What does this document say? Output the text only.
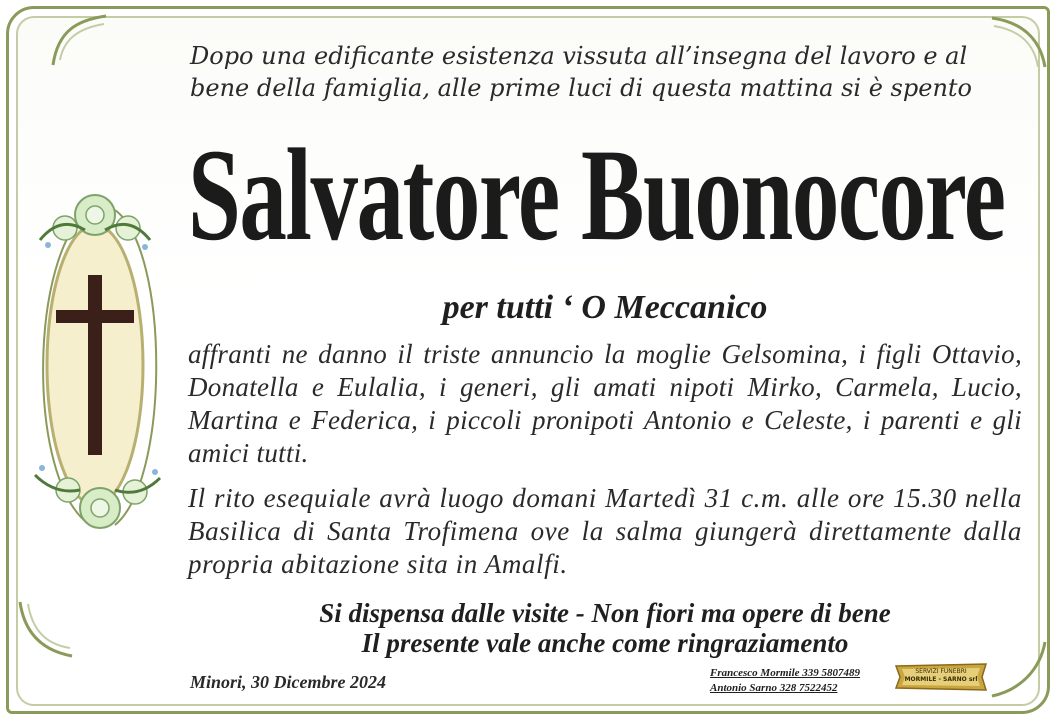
Dopo una edificante esistenza vissuta all’insegna del lavoro e al
bene della famiglia, alle prime luci di questa mattina si è spento

Salvatore Buonocore

per tutti ‘ O Meccanico

affranti ne danno il triste annuncio la moglie Gelsomina, i figli Ottavio, Donatella e Eulalia, i generi, gli amati nipoti Mirko, Carmela, Lucio, Martina e Federica, i piccoli pronipoti Antonio e Celeste, i parenti e gli amici tutti.

Il rito esequiale avrà luogo domani Martedì 31 c.m. alle ore 15.30 nella Basilica di Santa Trofimena ove la salma giungerà direttamente dalla propria abitazione sita in Amalfi.

Si dispensa dalle visite - Non fiori ma opere di bene

Il presente vale anche come ringraziamento

Minori, 30 Dicembre 2024	Francesco Mormile 339 5807489
Antonio Sarno 328 7522452
SERVIZI FUNEBRI
MORMILE - SARNO srl
